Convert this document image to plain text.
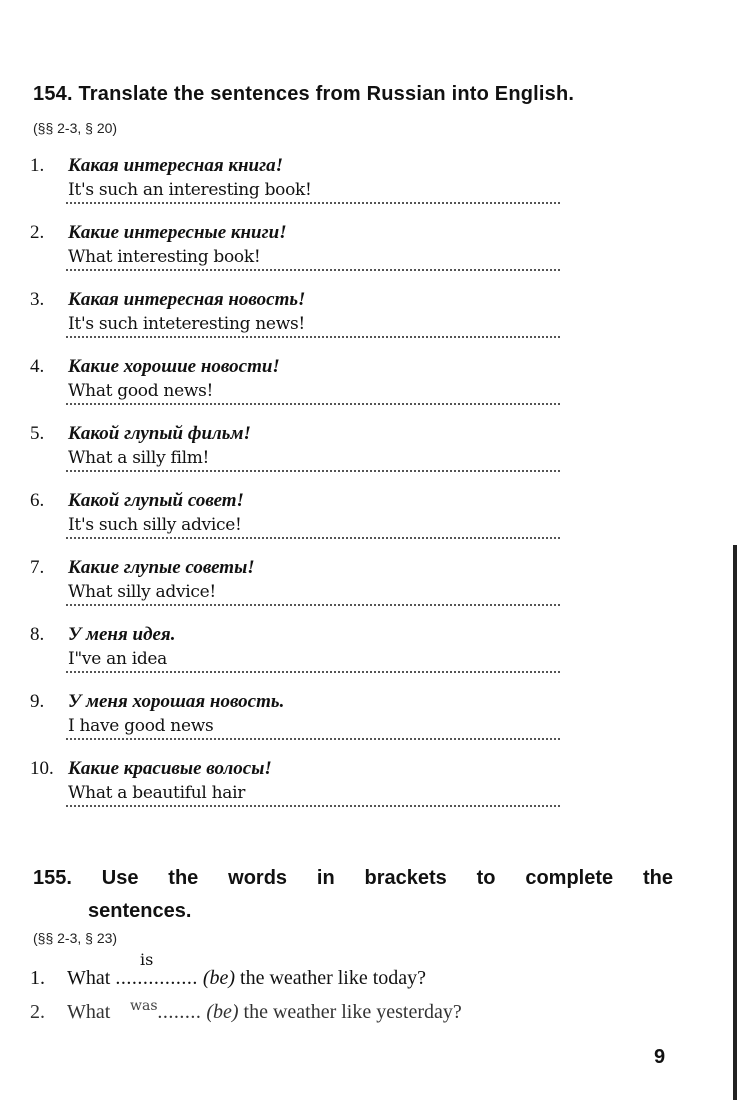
154. Translate the sentences from Russian into English.
(§§ 2-3, § 20)
1. Какая интересная книга!
It's such an interesting book!
2. Какие интересные книги!
What interesting book!
3. Какая интересная новость!
It's such inteteresting news!
4. Какие хорошие новости!
What good news!
5. Какой глупый фильм!
What a silly film!
6. Какой глупый совет!
It's such silly advice!
7. Какие глупые советы!
What silly advice!
8. У меня идея.
I"ve an idea
9. У меня хорошая новость.
I have good news
10. Какие красивые волосы!
What a beautiful hair
155. Use the words in brackets to complete the
sentences.
(§§ 2-3, § 23)
1. What ............... (be) the weather like today?
is
2. What ........ (be) the weather like yesterday?
was
9
